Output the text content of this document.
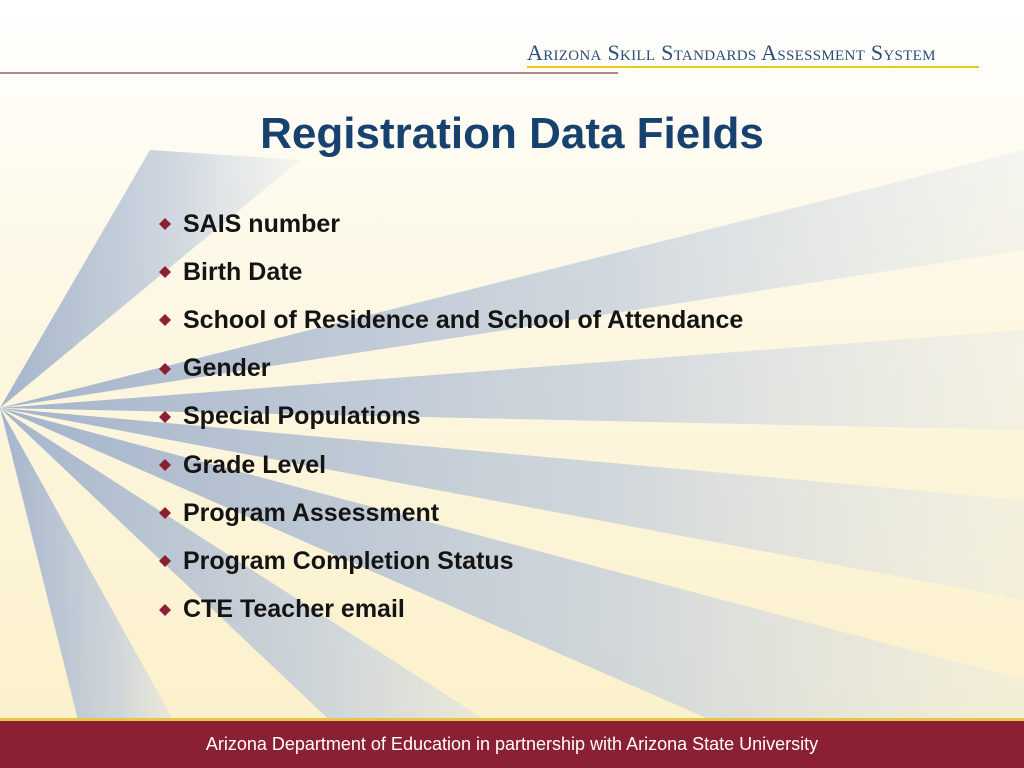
Arizona Skill Standards Assessment System
Registration Data Fields
SAIS number
Birth Date
School of Residence and School of Attendance
Gender
Special Populations
Grade Level
Program Assessment
Program Completion Status
CTE Teacher email
Arizona Department of Education in partnership with Arizona State University
